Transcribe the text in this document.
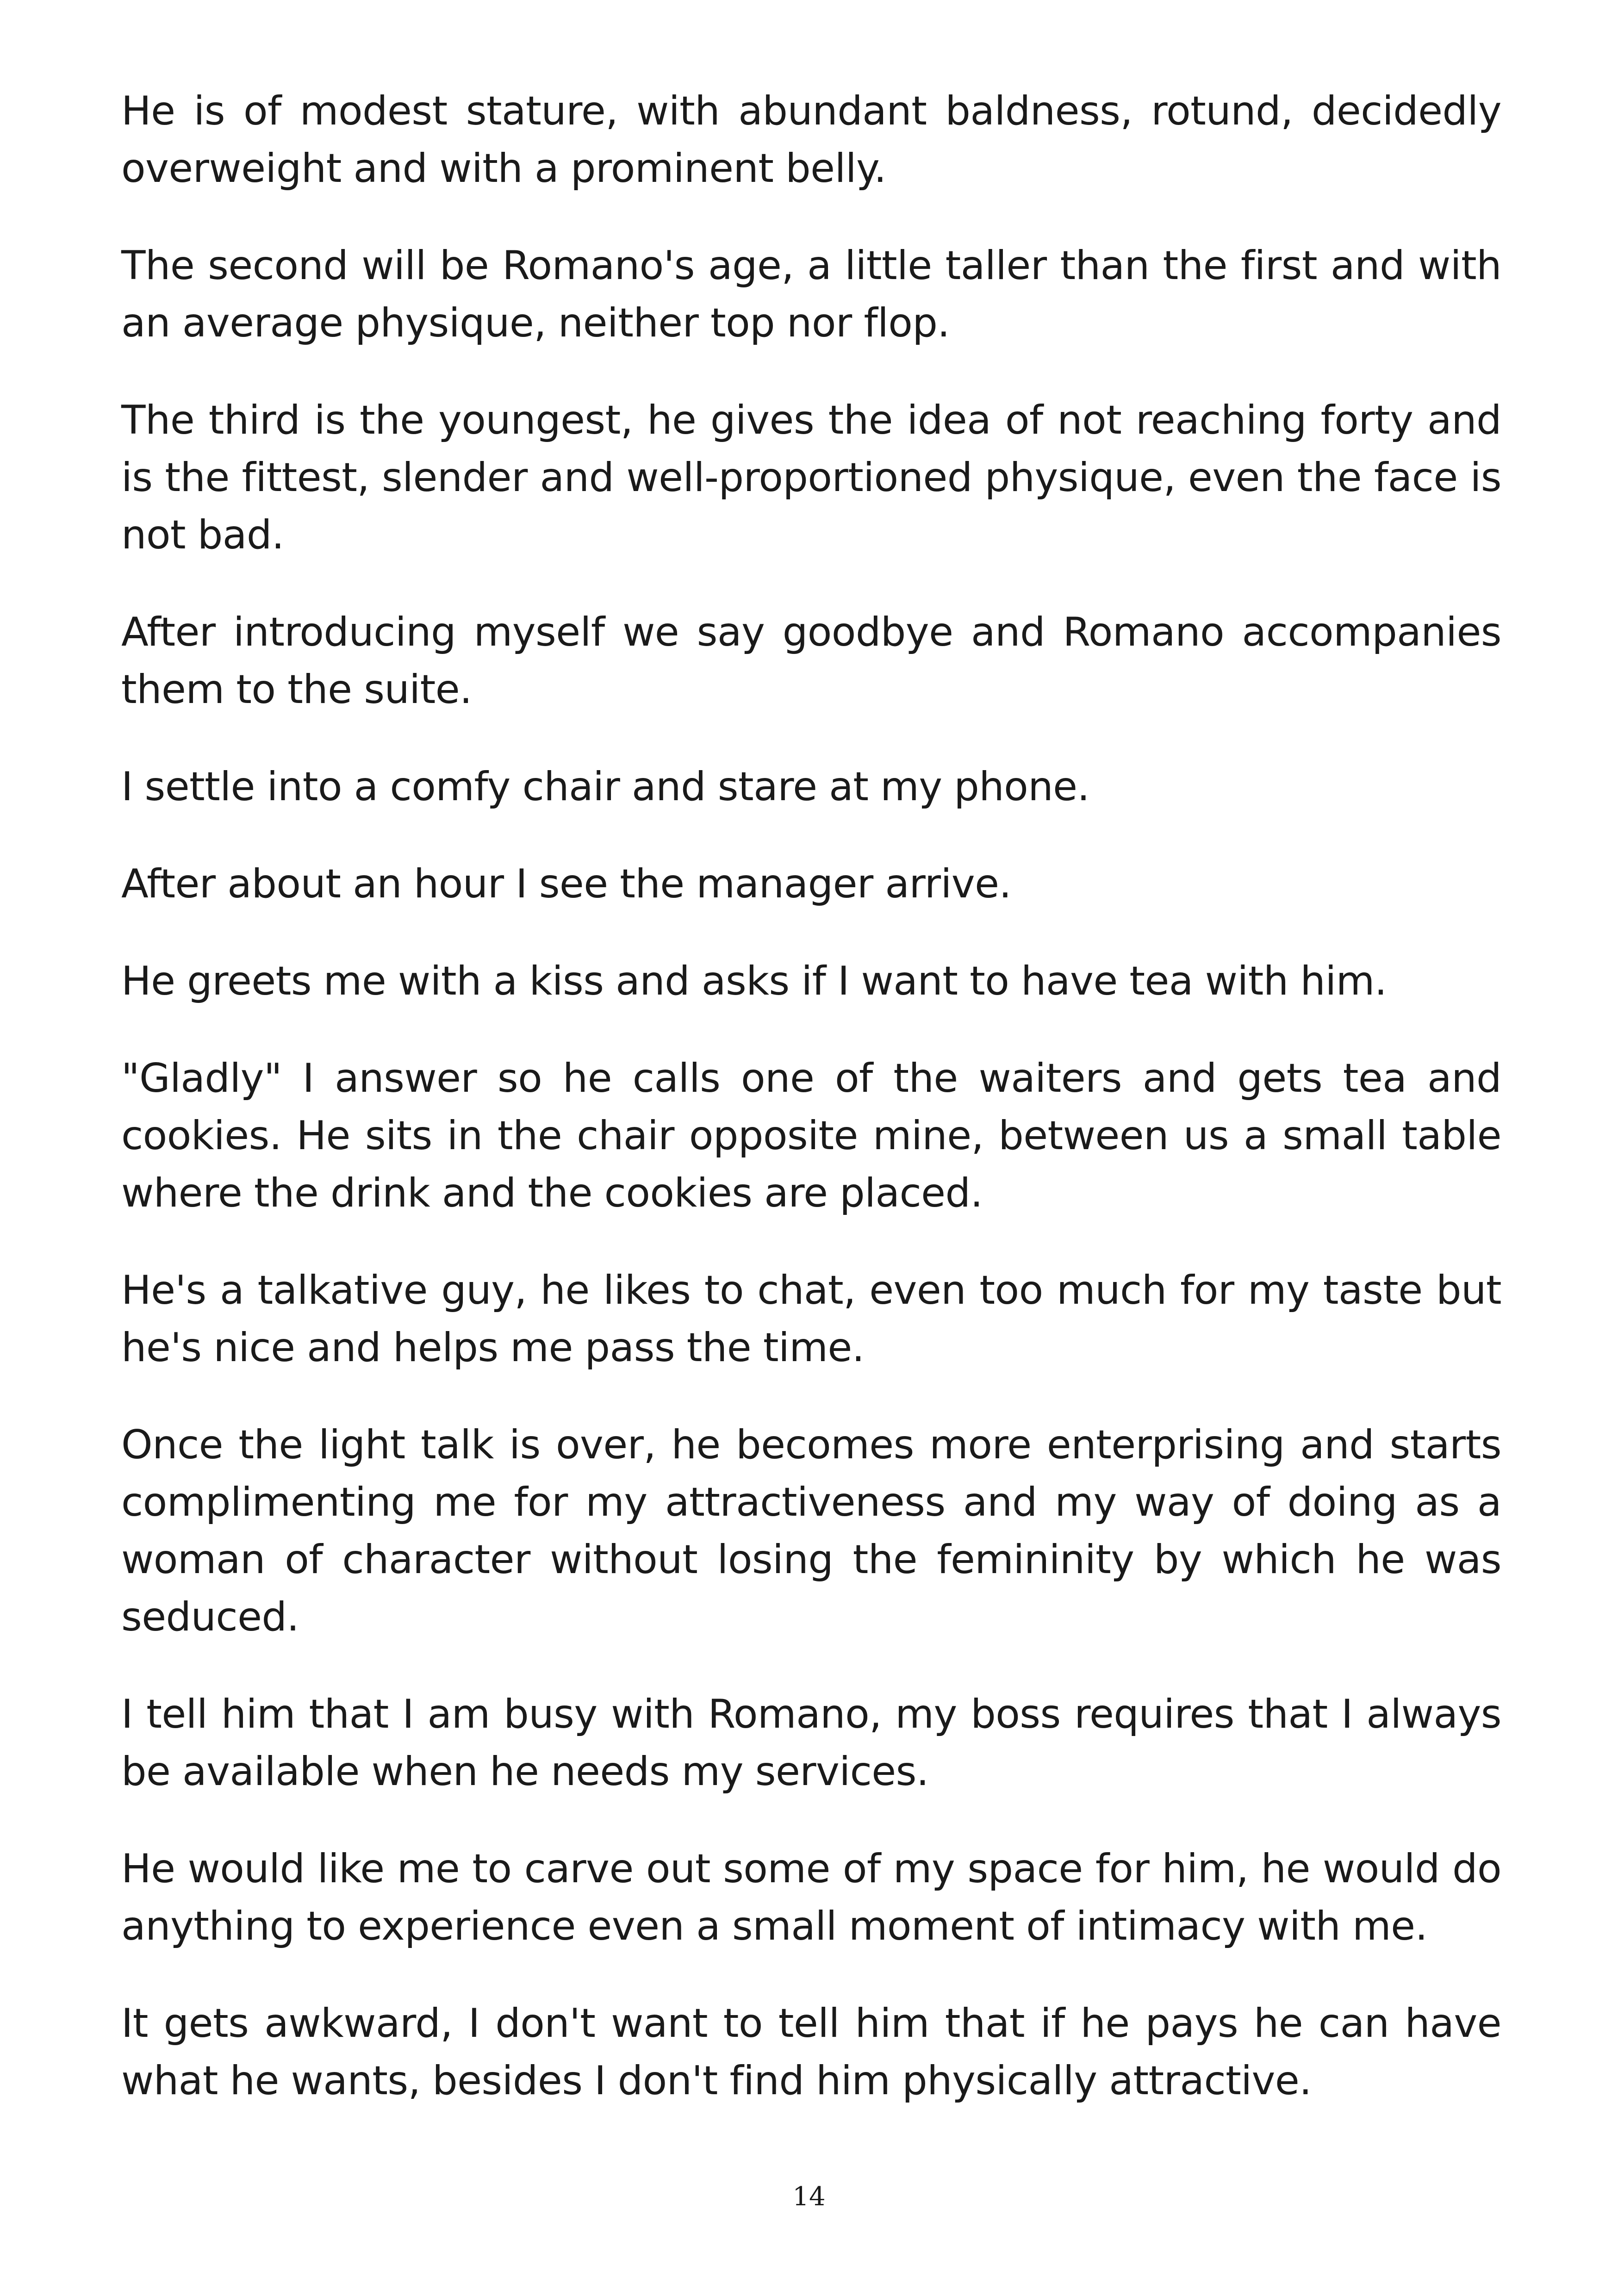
He is of modest stature, with abundant baldness, rotund, decidedly overweight and with a prominent belly.

The second will be Romano's age, a little taller than the first and with an average physique, neither top nor flop.

The third is the youngest, he gives the idea of not reaching forty and is the fittest, slender and well-proportioned physique, even the face is not bad.

After introducing myself we say goodbye and Romano accompanies them to the suite.

I settle into a comfy chair and stare at my phone.

After about an hour I see the manager arrive.

He greets me with a kiss and asks if I want to have tea with him.

"Gladly" I answer so he calls one of the waiters and gets tea and cookies. He sits in the chair opposite mine, between us a small table where the drink and the cookies are placed.

He's a talkative guy, he likes to chat, even too much for my taste but he's nice and helps me pass the time.

Once the light talk is over, he becomes more enterprising and starts complimenting me for my attractiveness and my way of doing as a woman of character without losing the femininity by which he was seduced.

I tell him that I am busy with Romano, my boss requires that I always be available when he needs my services.

He would like me to carve out some of my space for him, he would do anything to experience even a small moment of intimacy with me.

It gets awkward, I don't want to tell him that if he pays he can have what he wants, besides I don't find him physically attractive.

14
